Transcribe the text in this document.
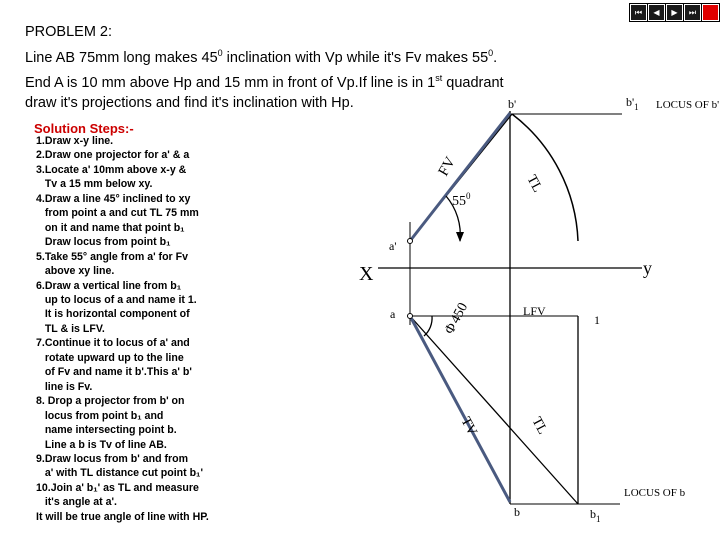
⏮ ◀ ▶ ⏭

PROBLEM 2:

Line AB 75mm long makes $45^0$ inclination with Vp while it's Fv makes $55^0$.

End A is 10 mm above Hp and 15 mm in front of Vp.If line is in 1st quadrant

draw it's projections and find it's inclination with Hp.

Solution Steps:-
1.Draw x-y line.
2.Draw one projector for a' & a
3.Locate a' 10mm above x-y &
Tv a 15 mm below xy.
4.Draw a line 45° inclined to xy
from point a and cut TL 75 mm
on it and name that point b₁
Draw locus from point b₁
5.Take 55° angle from a' for Fv
above xy line.
6.Draw a vertical line from b₁
up to locus of a and name it 1.
It is horizontal component of
TL & is LFV.
7.Continue it to locus of a' and
rotate upward up to the line
of Fv and name it b'.This a' b'
line is Fv.
8. Drop a projector from b' on
locus from point b₁ and
name intersecting point b.
Line a b is Tv of line AB.
9.Draw locus from b' and from
a' with TL distance cut point b₁'
10.Join a' b₁' as TL and measure
it's angle at a'.
It will be true angle of line with HP.
b'	$b'_1$ LOCUS OF b'
FV
TL
$55^0$
a'
X	y
a
Φ450	LFV
1
TV	TL
b	$b_1$
LOCUS OF b
